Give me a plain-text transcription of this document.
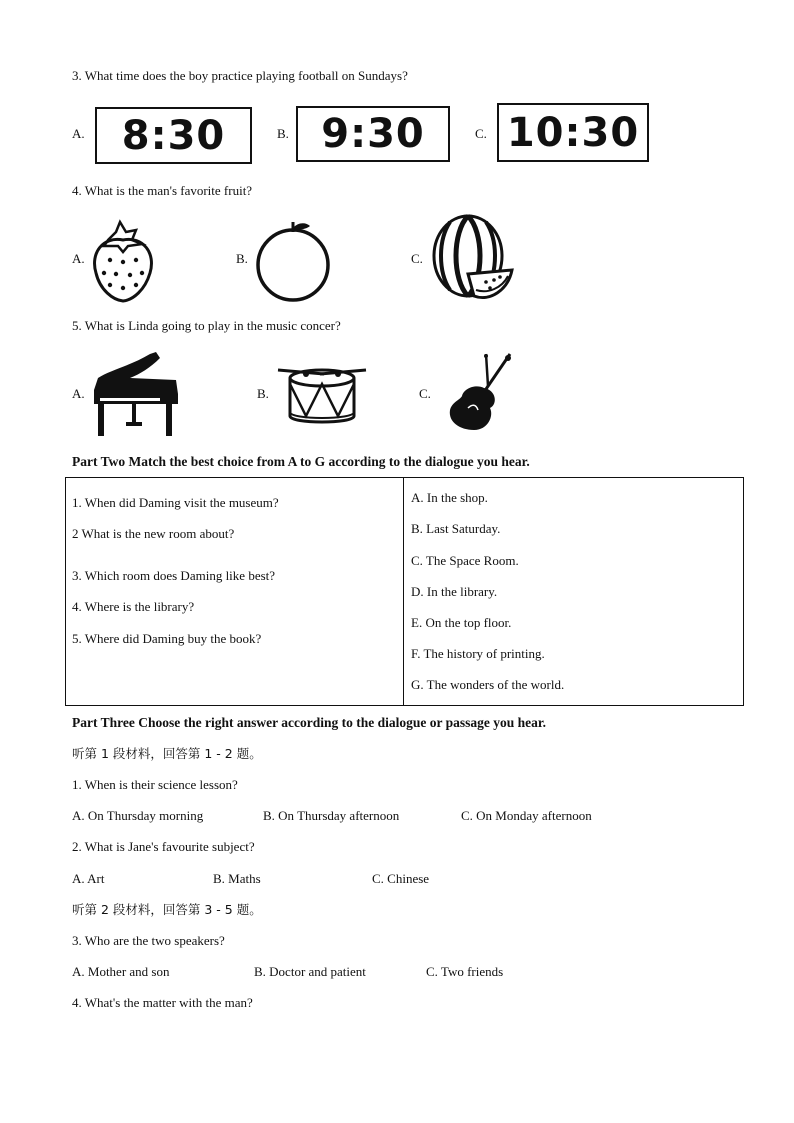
3. What time does the boy practice playing football on Sundays?
A. 8:30	B. 9:30	C. 10:30
4. What is the man's favorite fruit?
A.	B.	C.
5. What is Linda going to play in the music concer?
A.	B.	C.
Part Two Match the best choice from A to G according to the dialogue you hear.
1. When did Daming visit the museum?
2 What is the new room about?
3. Which room does Daming like best?
4. Where is the library?
5. Where did Daming buy the book?
A. In the shop.
B. Last Saturday.
C. The Space Room.
D. In the library.
E. On the top floor.
F. The history of printing.
G. The wonders of the world.
Part Three Choose the right answer according to the dialogue or passage you hear.
听第 1 段材料，回答第 1 - 2 题。
1. When is their science lesson?
A. On Thursday morning	B. On Thursday afternoon	C. On Monday afternoon
2. What is Jane's favourite subject?
A. Art	B. Maths	C. Chinese
听第 2 段材料，回答第 3 - 5 题。
3. Who are the two speakers?
A. Mother and son	B. Doctor and patient	C. Two friends
4. What's the matter with the man?
